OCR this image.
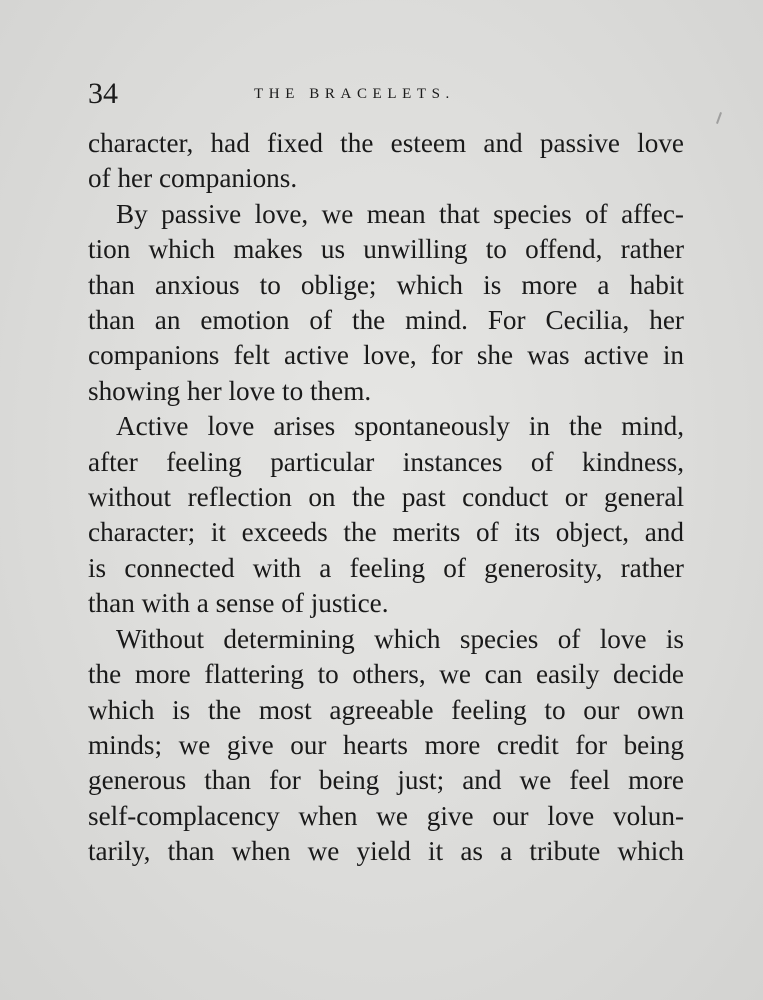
34	THE BRACELETS.
character, had fixed the esteem and passive love
of her companions.
By passive love, we mean that species of affec-
tion which makes us unwilling to offend, rather
than anxious to oblige; which is more a habit
than an emotion of the mind. For Cecilia, her
companions felt active love, for she was active in
showing her love to them.
Active love arises spontaneously in the mind,
after feeling particular instances of kindness,
without reflection on the past conduct or general
character; it exceeds the merits of its object, and
is connected with a feeling of generosity, rather
than with a sense of justice.
Without determining which species of love is
the more flattering to others, we can easily decide
which is the most agreeable feeling to our own
minds; we give our hearts more credit for being
generous than for being just; and we feel more
self-complacency when we give our love volun-
tarily, than when we yield it as a tribute which
